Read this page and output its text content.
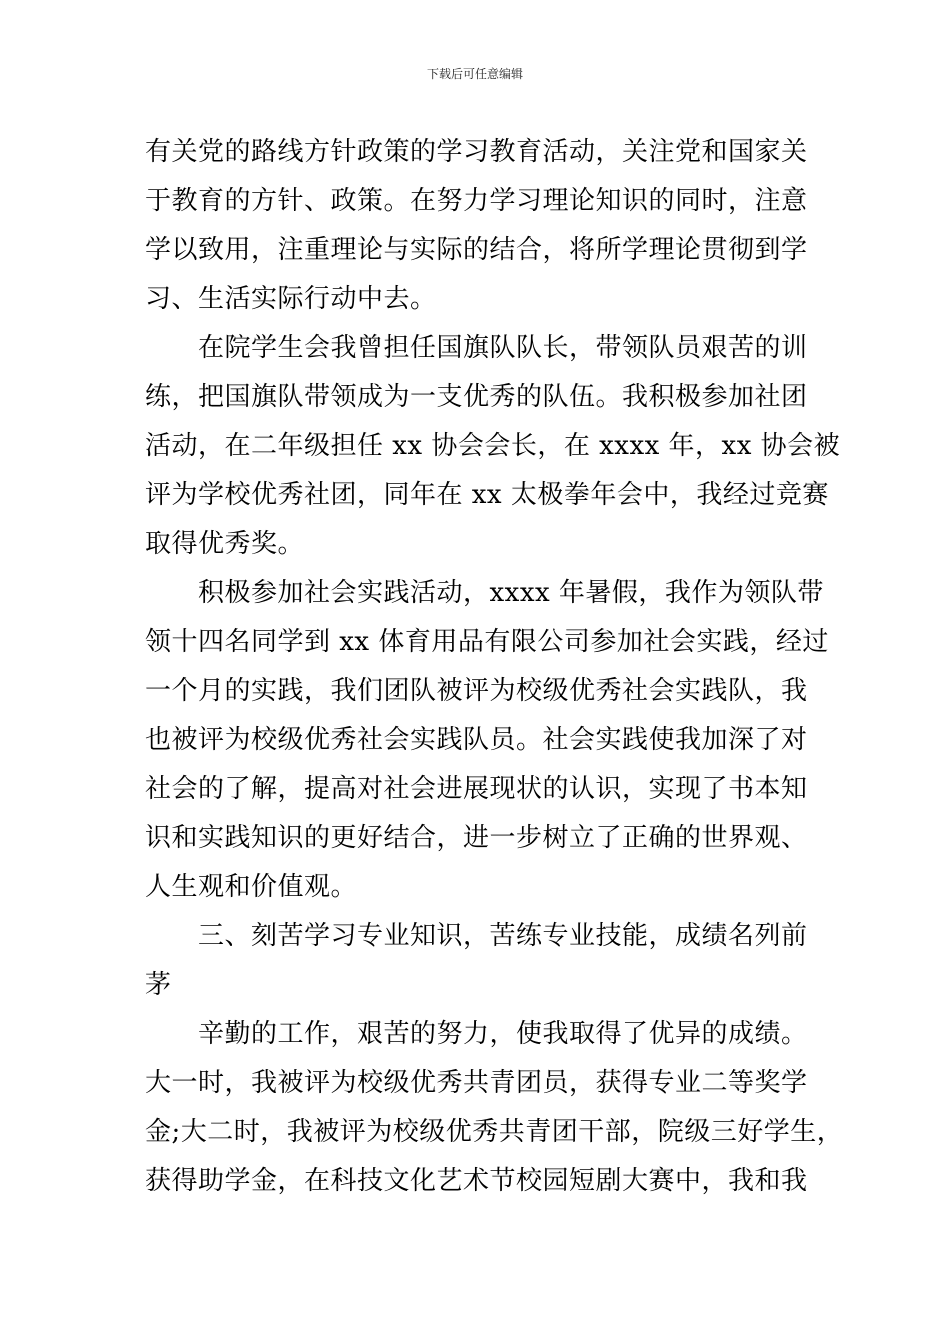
下载后可任意编辑
有关党的路线方针政策的学习教育活动，关注党和国家关
于教育的方针、政策。在努力学习理论知识的同时，注意
学以致用，注重理论与实际的结合，将所学理论贯彻到学
习、生活实际行动中去。
在院学生会我曾担任国旗队队长，带领队员艰苦的训
练，把国旗队带领成为一支优秀的队伍。我积极参加社团
活动，在二年级担任 xx 协会会长，在 xxxx 年，xx 协会被
评为学校优秀社团，同年在 xx 太极拳年会中，我经过竞赛
取得优秀奖。
积极参加社会实践活动，xxxx 年暑假，我作为领队带
领十四名同学到 xx 体育用品有限公司参加社会实践，经过
一个月的实践，我们团队被评为校级优秀社会实践队，我
也被评为校级优秀社会实践队员。社会实践使我加深了对
社会的了解，提高对社会进展现状的认识，实现了书本知
识和实践知识的更好结合，进一步树立了正确的世界观、
人生观和价值观。
三、刻苦学习专业知识，苦练专业技能，成绩名列前
茅
辛勤的工作，艰苦的努力，使我取得了优异的成绩。
大一时，我被评为校级优秀共青团员，获得专业二等奖学
金;大二时，我被评为校级优秀共青团干部，院级三好学生，
获得助学金，在科技文化艺术节校园短剧大赛中，我和我
